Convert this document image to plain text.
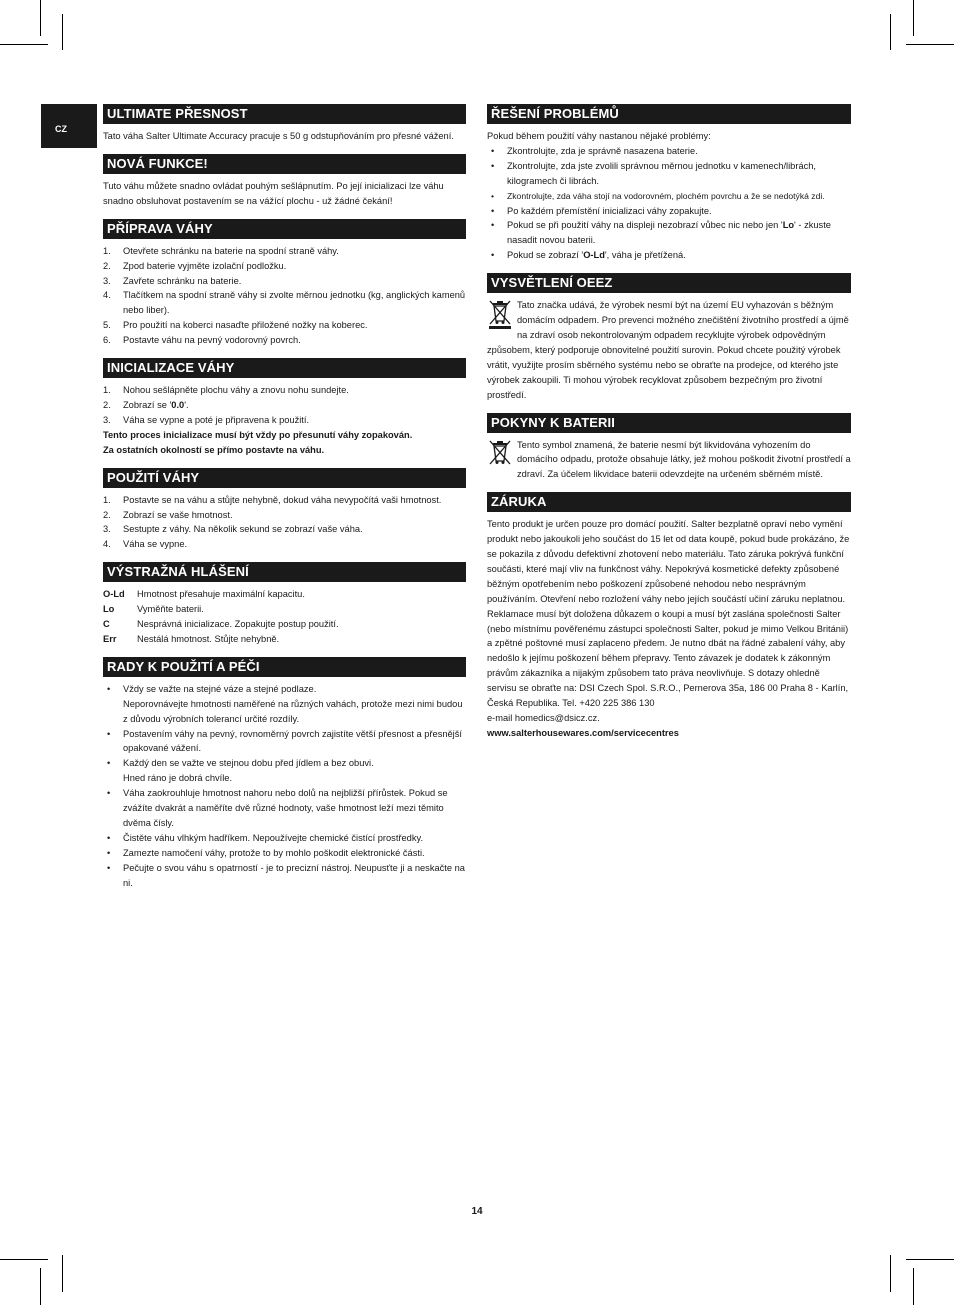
CZ
ULTIMATE PŘESNOST

Tato váha Salter Ultimate Accuracy pracuje s 50 g odstupňováním pro přesné vážení.

NOVÁ FUNKCE!

Tuto váhu můžete snadno ovládat pouhým sešlápnutím. Po její inicializaci lze váhu snadno obsluhovat postavením se na vážící plochu - už žádné čekání!

PŘÍPRAVA VÁHY
1. Otevřete schránku na baterie na spodní straně váhy.
2. Zpod baterie vyjměte izolační podložku.
3. Zavřete schránku na baterie.
4. Tlačítkem na spodní straně váhy si zvolte měrnou jednotku (kg, anglických kamenů nebo liber).
5. Pro použití na koberci nasaďte přiložené nožky na koberec.
6. Postavte váhu na pevný vodorovný povrch.
INICIALIZACE VÁHY
1. Nohou sešlápněte plochu váhy a znovu nohu sundejte.
2. Zobrazí se '0.0'.
3. Váha se vypne a poté je připravena k použití.

Tento proces inicializace musí být vždy po přesunutí váhy zopakován.

Za ostatních okolností se přímo postavte na váhu.

POUŽITÍ VÁHY
1. Postavte se na váhu a stůjte nehybně, dokud váha nevypočítá vaši hmotnost.
2. Zobrazí se vaše hmotnost.
3. Sestupte z váhy. Na několik sekund se zobrazí vaše váha.
4. Váha se vypne.
VÝSTRAŽNÁ HLÁŠENÍ
O-Ld	Hmotnost přesahuje maximální kapacitu.
Lo	Vyměňte baterii.
C	Nesprávná inicializace. Zopakujte postup použití.
Err	Nestálá hmotnost. Stůjte nehybně.
RADY K POUŽITÍ A PÉČI
• Vždy se važte na stejné váze a stejné podlaze.
Neporovnávejte hmotnosti naměřené na různých vahách, protože mezi nimi budou z důvodu výrobních tolerancí určité rozdíly.
• Postavením váhy na pevný, rovnoměrný povrch zajistíte větší přesnost a přesnější opakované vážení.
• Každý den se važte ve stejnou dobu před jídlem a bez obuvi.
Hned ráno je dobrá chvíle.
• Váha zaokrouhluje hmotnost nahoru nebo dolů na nejbližší přírůstek. Pokud se zvážíte dvakrát a naměříte dvě různé hodnoty, vaše hmotnost leží mezi těmito dvěma čísly.
• Čistěte váhu vlhkým hadříkem. Nepoužívejte chemické čistící prostředky.
• Zamezte namočení váhy, protože to by mohlo poškodit elektronické části.
• Pečujte o svou váhu s opatrností - je to precizní nástroj. Neupusťte ji a neskačte na ni.
ŘEŠENÍ PROBLÉMŮ

Pokud během použití váhy nastanou nějaké problémy:

• Zkontrolujte, zda je správně nasazena baterie.
• Zkontrolujte, zda jste zvolili správnou měrnou jednotku v kamenech/librách, kilogramech či librách.
• Zkontrolujte, zda váha stojí na vodorovném, plochém povrchu a že se nedotýká zdi.
• Po každém přemístění inicializaci váhy zopakujte.
• Pokud se při použití váhy na displeji nezobrazí vůbec nic nebo jen 'Lo' - zkuste nasadit novou baterii.
• Pokud se zobrazí 'O-Ld', váha je přetížená.
VYSVĚTLENÍ OEEZ

Tato značka udává, že výrobek nesmí být na území EU vyhazován s běžným domácím odpadem. Pro prevenci možného znečištění životního prostředí a újmě na zdraví osob nekontrolovaným odpadem recyklujte výrobek odpovědným způsobem, který podporuje obnovitelné použití surovin. Pokud chcete použitý výrobek vrátit, využijte prosím sběrného systému nebo se obraťte na prodejce, od kterého jste výrobek zakoupili. Ti mohou výrobek recyklovat způsobem bezpečným pro životní prostředí.

POKYNY K BATERII

Tento symbol znamená, že baterie nesmí být likvidována vyhozením do domácího odpadu, protože obsahuje látky, jež mohou poškodit životní prostředí a zdraví. Za účelem likvidace baterii odevzdejte na určeném sběrném místě.

ZÁRUKA

Tento produkt je určen pouze pro domácí použití. Salter bezplatně opraví nebo vymění produkt nebo jakoukoli jeho součást do 15 let od data koupě, pokud bude prokázáno, že se pokazila z důvodu defektivní zhotovení nebo materiálu. Tato záruka pokrývá funkční součásti, které mají vliv na funkčnost váhy. Nepokrývá kosmetické defekty způsobené běžným opotřebením nebo poškození způsobené nehodou nebo nesprávným používáním. Otevření nebo rozložení váhy nebo jejích součástí učiní záruku neplatnou. Reklamace musí být doložena důkazem o koupi a musí být zaslána společnosti Salter (nebo místnímu pověřenému zástupci společnosti Salter, pokud je mimo Velkou Británii) a zpětné poštovné musí zaplaceno předem. Je nutno dbát na řádné zabalení váhy, aby nedošlo k jejímu poškození během přepravy. Tento závazek je dodatek k zákonným právům zákazníka a nijakým způsobem tato práva neovlivňuje. S dotazy ohledně servisu se obraťte na: DSI Czech Spol. S.R.O., Pernerova 35a, 186 00 Praha 8 - Karlín, Česká Republika. Tel. +420 225 386 130

e-mail homedics@dsicz.cz.

www.salterhousewares.com/servicecentres

14
